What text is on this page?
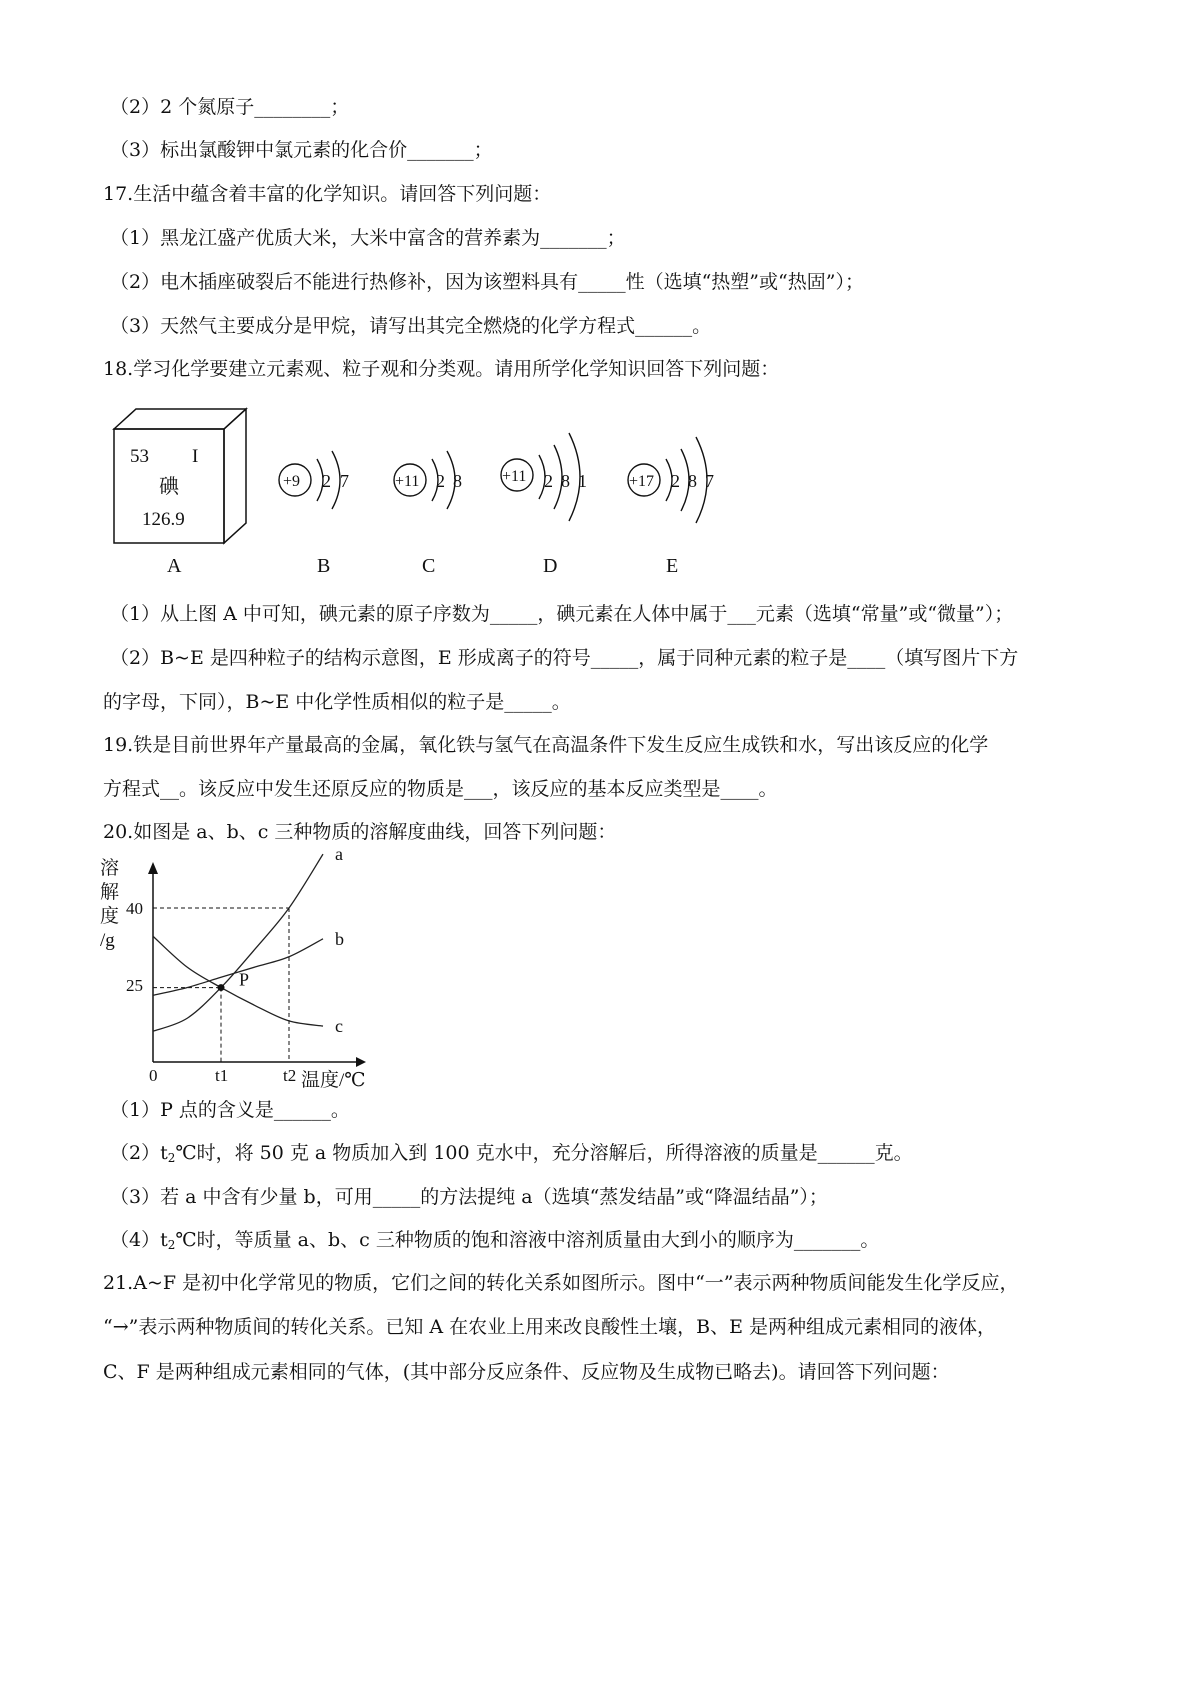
（2）2 个氮原子________；
（3）标出氯酸钾中氯元素的化合价_______；
17.生活中蕴含着丰富的化学知识。请回答下列问题：
（1）黑龙江盛产优质大米，大米中富含的营养素为_______；
（2）电木插座破裂后不能进行热修补，因为该塑料具有_____性（选填“热塑”或“热固”）；
（3）天然气主要成分是甲烷，请写出其完全燃烧的化学方程式______。
18.学习化学要建立元素观、粒子观和分类观。请用所学化学知识回答下列问题：
53 I
碘
126.9
+9 2 7	+11 2 8	+11 2 8 1	+17 2 8 7
A	B	C	D	E
（1）从上图 A 中可知，碘元素的原子序数为_____，碘元素在人体中属于___元素（选填“常量”或“微量”）；
（2）B~E 是四种粒子的结构示意图，E 形成离子的符号_____，属于同种元素的粒子是____（填写图片下方
的字母，下同），B~E 中化学性质相似的粒子是_____。
19.铁是目前世界年产量最高的金属，氧化铁与氢气在高温条件下发生反应生成铁和水，写出该反应的化学
方程式__。该反应中发生还原反应的物质是___，该反应的基本反应类型是____。
20.如图是 a、b、c 三种物质的溶解度曲线，回答下列问题：
溶
解
度
/g
温度/℃
0	t1	t2
25
40
a
b
c
P
（1）P 点的含义是______。
$(2)t_2℃$时，将 50 克 a 物质加入到 100 克水中，充分溶解后，所得溶液的质量是______克。
（3）若 a 中含有少量 b，可用_____的方法提纯 a（选填“蒸发结晶”或“降温结晶”）；
$(4)t_2℃$时，等质量 a、b、c 三种物质的饱和溶液中溶剂质量由大到小的顺序为_______。
21.A~F 是初中化学常见的物质，它们之间的转化关系如图所示。图中“一”表示两种物质间能发生化学反应，
“→”表示两种物质间的转化关系。已知 A 在农业上用来改良酸性土壤，B、E 是两种组成元素相同的液体，
C、F 是两种组成元素相同的气体，(其中部分反应条件、反应物及生成物已略去)。请回答下列问题：
